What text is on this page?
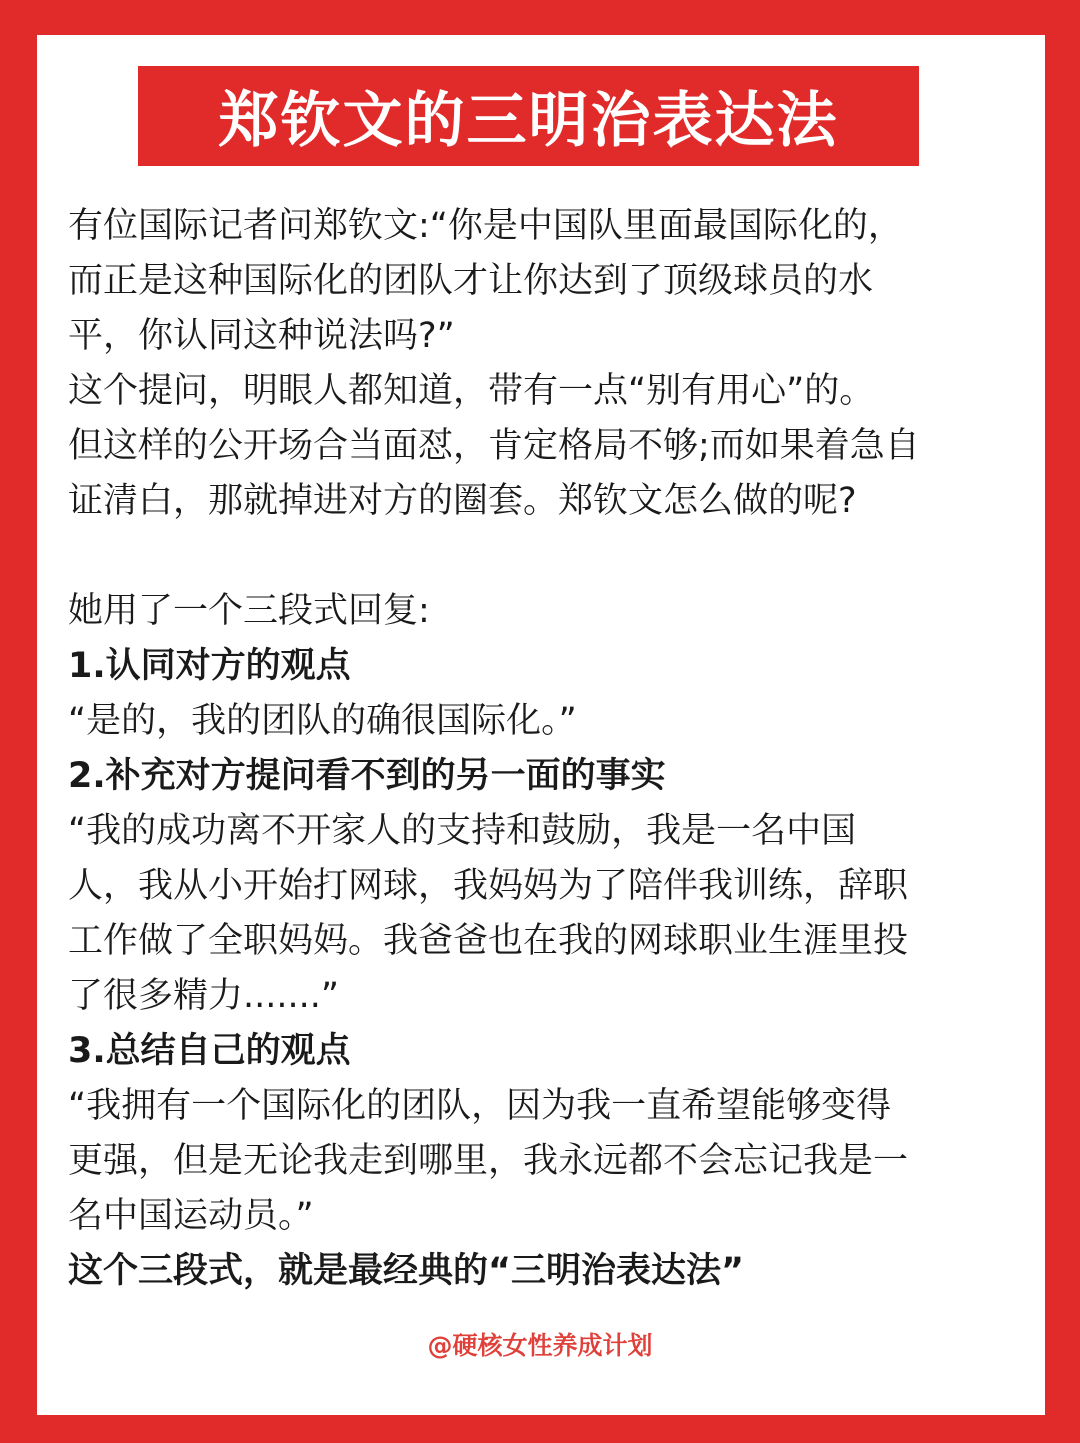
郑钦文的三明治表达法
有位国际记者问郑钦文:“你是中国队里面最国际化的，
而正是这种国际化的团队才让你达到了顶级球员的水
平，你认同这种说法吗?”
这个提问，明眼人都知道，带有一点“别有用心”的。
但这样的公开场合当面怼，肯定格局不够;而如果着急自
证清白，那就掉进对方的圈套。郑钦文怎么做的呢?
她用了一个三段式回复:
1.认同对方的观点
“是的，我的团队的确很国际化。”
2.补充对方提问看不到的另一面的事实
“我的成功离不开家人的支持和鼓励，我是一名中国
人，我从小开始打网球，我妈妈为了陪伴我训练，辞职
工作做了全职妈妈。我爸爸也在我的网球职业生涯里投
了很多精力.......”
3.总结自己的观点
“我拥有一个国际化的团队，因为我一直希望能够变得
更强，但是无论我走到哪里，我永远都不会忘记我是一
名中国运动员。”
这个三段式，就是最经典的“三明治表达法”
@硬核女性养成计划
